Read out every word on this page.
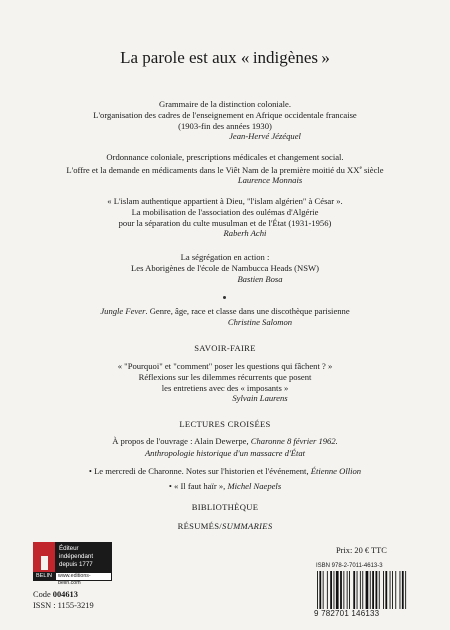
La parole est aux « indigènes »
Grammaire de la distinction coloniale.
L'organisation des cadres de l'enseignement en Afrique occidentale francaise
(1903-fin des années 1930)
Jean-Hervé Jézéquel
Ordonnance coloniale, prescriptions médicales et changement social.
L'offre et la demande en médicaments dans le Viêt Nam de la première moitié du XXe siècle
Laurence Monnais
« L'islam authentique appartient à Dieu, "l'islam algérien" à César ».
La mobilisation de l'association des oulémas d'Algérie
pour la séparation du culte musulman et de l'État (1931-1956)
Raberh Achi
La ségrégation en action :
Les Aborigènes de l'école de Nambucca Heads (NSW)
Bastien Bosa
Jungle Fever. Genre, âge, race et classe dans une discothèque parisienne
Christine Salomon
SAVOIR-FAIRE
« "Pourquoi" et "comment" poser les questions qui fâchent ? »
Réflexions sur les dilemmes récurrents que posent
les entretiens avec des « imposants »
Sylvain Laurens
LECTURES CROISÉES
À propos de l'ouvrage : Alain Dewerpe, Charonne 8 février 1962.
Anthropologie historique d'un massacre d'État
• Le mercredi de Charonne. Notes sur l'historien et l'événement, Étienne Ollion
• « Il faut haïr », Michel Naepels
BIBLIOTHÈQUE
RÉSUMÉS/SUMMARIES
Éditeur
indépendant
depuis 1777
BELIN	www.editions-belin.com
Code 004613
ISSN : 1155-3219
Prix: 20 € TTC
ISBN 978-2-7011-4613-3
9 782701 146133
